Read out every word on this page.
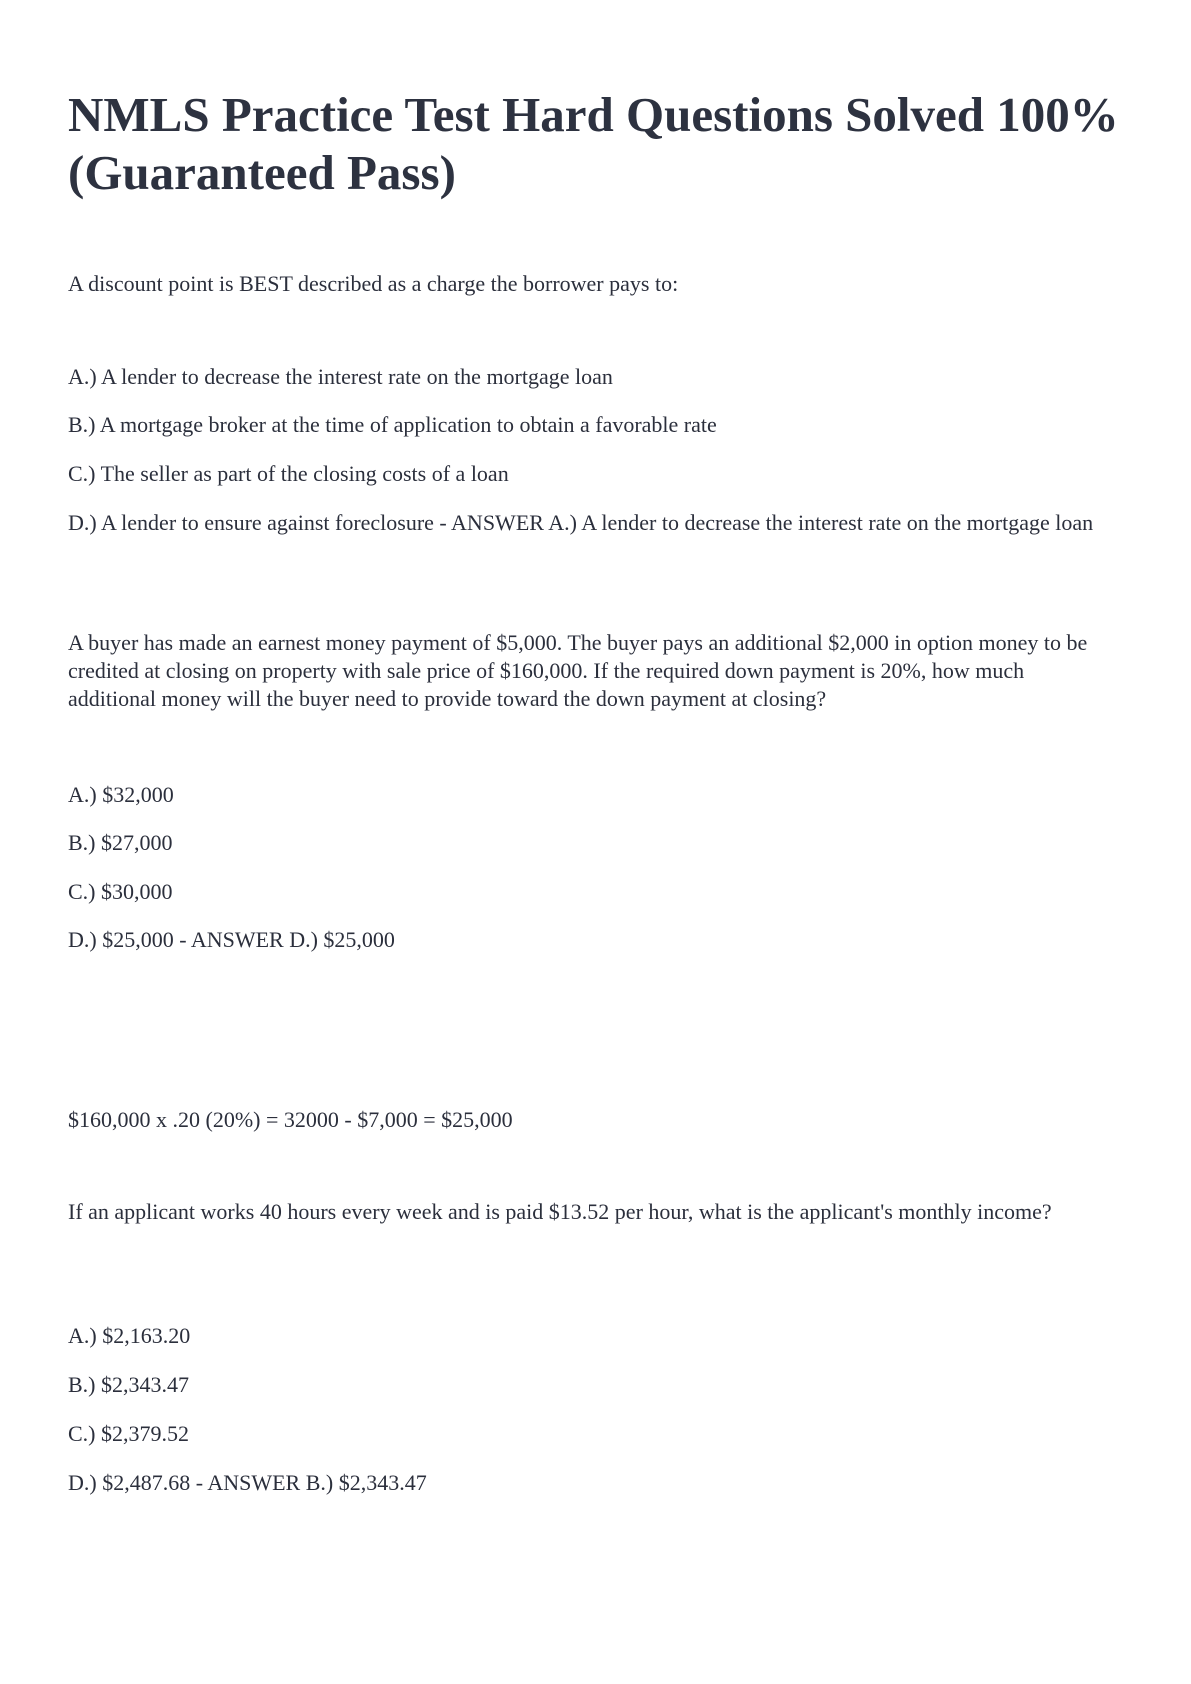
NMLS Practice Test Hard Questions Solved 100% (Guaranteed Pass)

A discount point is BEST described as a charge the borrower pays to:

A.) A lender to decrease the interest rate on the mortgage loan

B.) A mortgage broker at the time of application to obtain a favorable rate

C.) The seller as part of the closing costs of a loan

D.) A lender to ensure against foreclosure - ANSWER A.) A lender to decrease the interest rate on the mortgage loan

A buyer has made an earnest money payment of $5,000. The buyer pays an additional $2,000 in option money to be credited at closing on property with sale price of $160,000. If the required down payment is 20%, how much additional money will the buyer need to provide toward the down payment at closing?

A.) $32,000

B.) $27,000

C.) $30,000

D.) $25,000 - ANSWER D.) $25,000

$160,000 x .20 (20%) = 32000 - $7,000 = $25,000

If an applicant works 40 hours every week and is paid $13.52 per hour, what is the applicant's monthly income?

A.) $2,163.20

B.) $2,343.47

C.) $2,379.52

D.) $2,487.68 - ANSWER B.) $2,343.47
